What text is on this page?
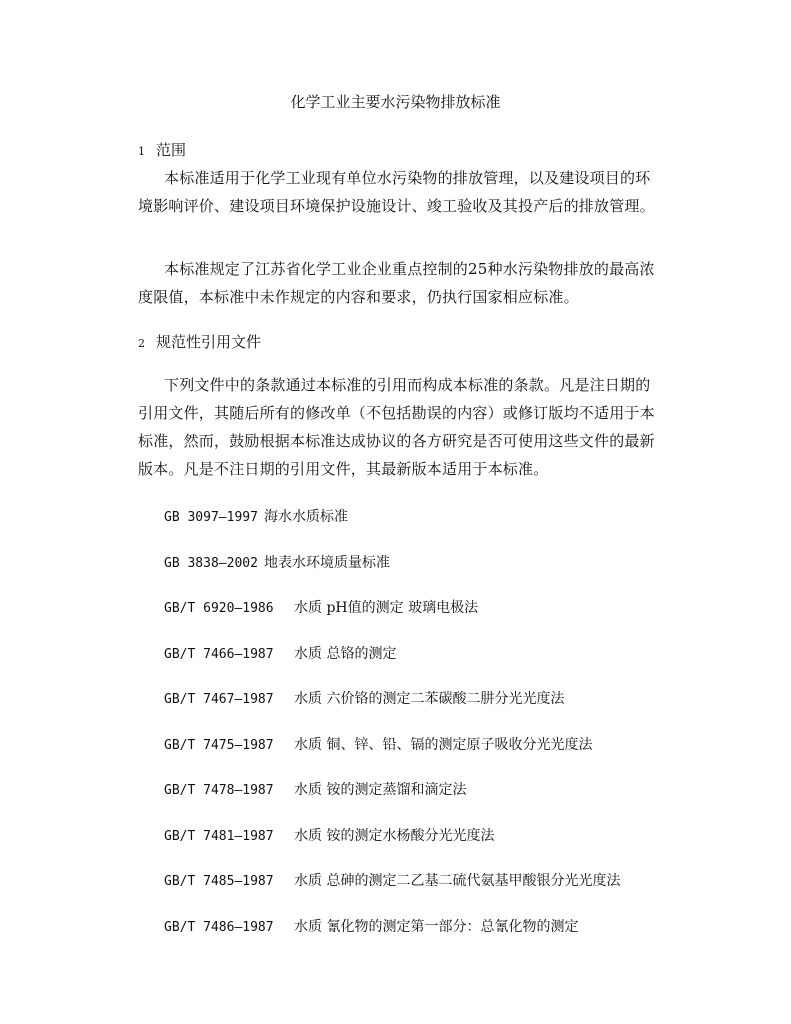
化学工业主要水污染物排放标准
1 范围

本标准适用于化学工业现有单位水污染物的排放管理，以及建设项目的环境影响评价、建设项目环境保护设施设计、竣工验收及其投产后的排放管理。

本标准规定了江苏省化学工业企业重点控制的25种水污染物排放的最高浓度限值，本标准中未作规定的内容和要求，仍执行国家相应标准。

2 规范性引用文件

下列文件中的条款通过本标准的引用而构成本标准的条款。凡是注日期的引用文件，其随后所有的修改单（不包括勘误的内容）或修订版均不适用于本标准，然而，鼓励根据本标准达成协议的各方研究是否可使用这些文件的最新版本。凡是不注日期的引用文件，其最新版本适用于本标准。

GB 3097—1997 海水水质标准
GB 3838—2002 地表水环境质量标准
GB/T 6920—1986 水质 pH值的测定 玻璃电极法
GB/T 7466—1987 水质 总铬的测定
GB/T 7467—1987 水质 六价铬的测定二苯碳酸二肼分光光度法
GB/T 7475—1987 水质 铜、锌、铅、镉的测定原子吸收分光光度法
GB/T 7478—1987 水质 铵的测定蒸馏和滴定法
GB/T 7481—1987 水质 铵的测定水杨酸分光光度法
GB/T 7485—1987 水质 总砷的测定二乙基二硫代氨基甲酸银分光光度法
GB/T 7486—1987 水质 氰化物的测定第一部分：总氰化物的测定
